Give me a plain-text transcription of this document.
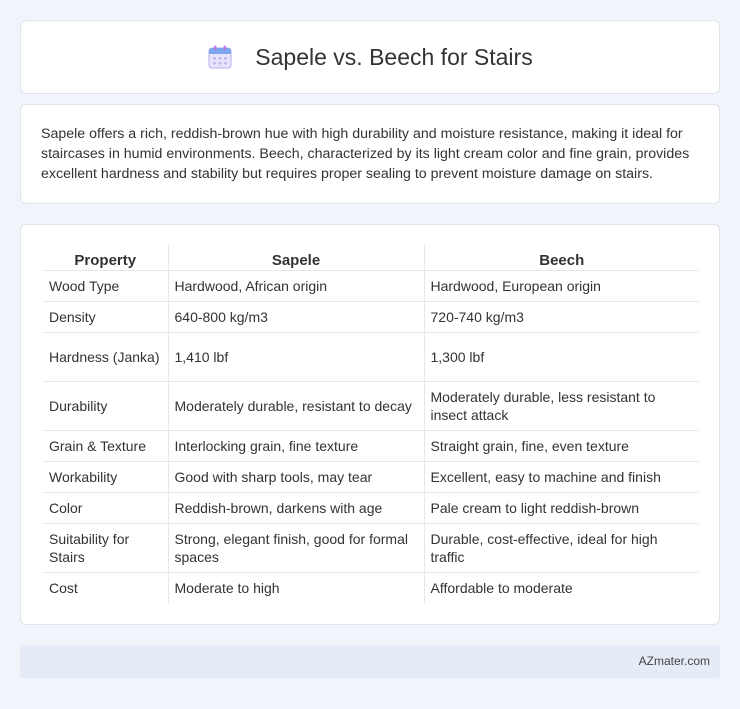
Sapele vs. Beech for Stairs

Sapele offers a rich, reddish-brown hue with high durability and moisture resistance, making it ideal for staircases in humid environments. Beech, characterized by its light cream color and fine grain, provides excellent hardness and stability but requires proper sealing to prevent moisture damage on stairs.

Property	Sapele	Beech
Wood Type	Hardwood, African origin	Hardwood, European origin
Density	640-800 kg/m3	720-740 kg/m3
Hardness (Janka)	1,410 lbf	1,300 lbf
Durability	Moderately durable, resistant to decay	Moderately durable, less resistant to insect attack
Grain & Texture	Interlocking grain, fine texture	Straight grain, fine, even texture
Workability	Good with sharp tools, may tear	Excellent, easy to machine and finish
Color	Reddish-brown, darkens with age	Pale cream to light reddish-brown
Suitability for Stairs	Strong, elegant finish, good for formal spaces	Durable, cost-effective, ideal for high traffic
Cost	Moderate to high	Affordable to moderate
AZmater.com
